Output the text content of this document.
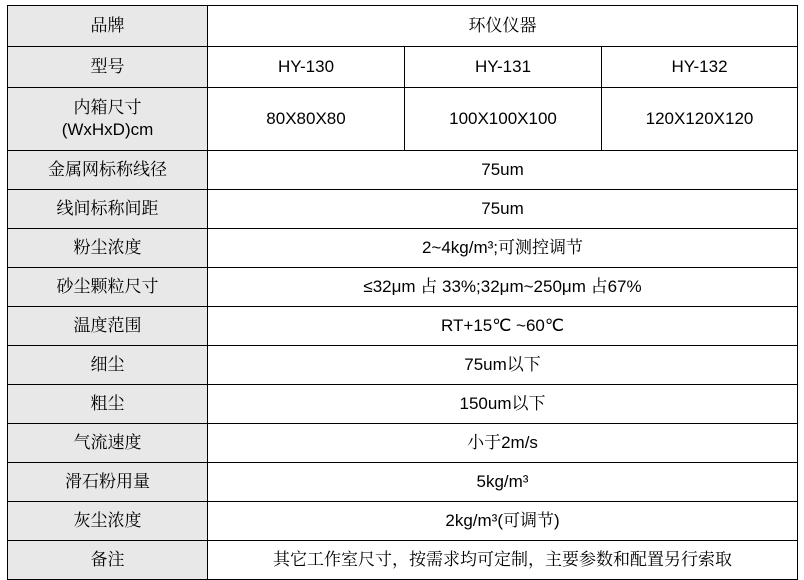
品牌	环仪仪器		
型号	HY-130	HY-131	HY-132

内箱尺寸
(WxHxD)cm	80X80X80	100X100X100	120X120X120
金属网标称线径	75um		
线间标称间距	75um		
粉尘浓度	2~4kg/m³;可测控调节		
砂尘颗粒尺寸	≤32μm 占 33%;32μm~250μm 占67%		
温度范围	RT+15℃ ~60℃		
细尘	75um以下		
粗尘	150um以下		
气流速度	小于2m/s		
滑石粉用量	5kg/m³		
灰尘浓度	2kg/m³(可调节)		
备注	其它工作室尺寸，按需求均可定制，主要参数和配置另行索取		
